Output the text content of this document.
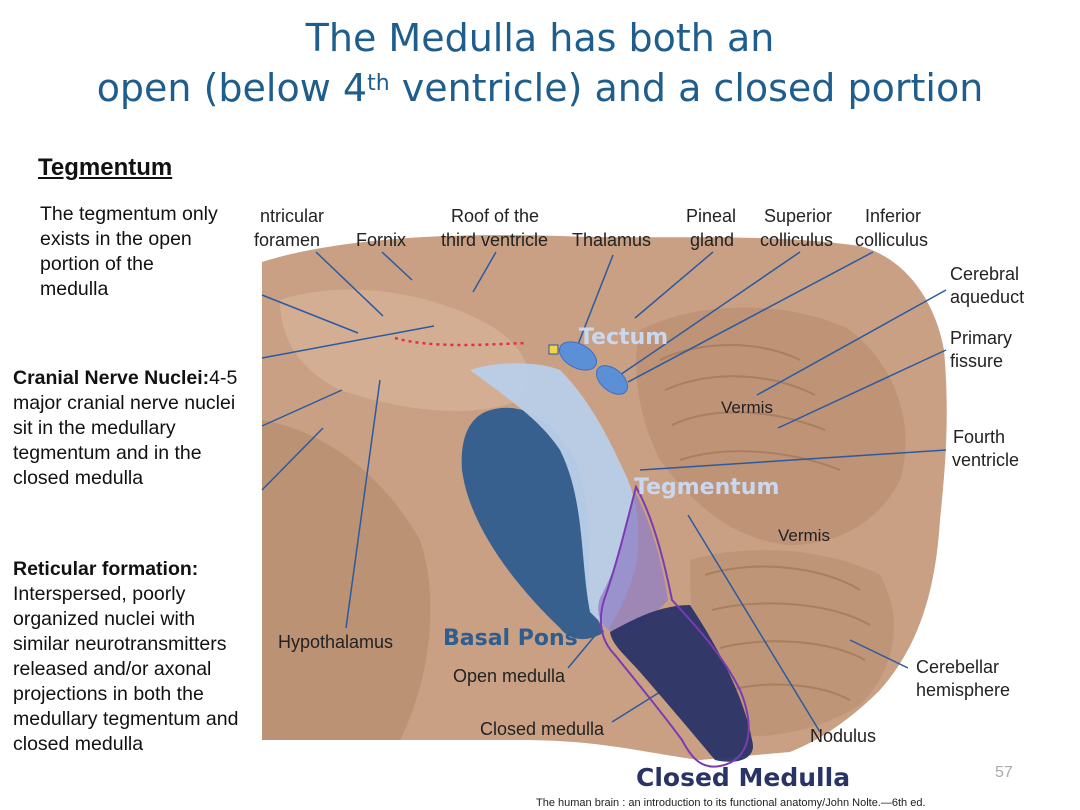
The Medulla has both an
open (below 4th ventricle) and a closed portion
Tegmentum
The tegmentum only exists in the open portion of the medulla
Cranial Nerve Nuclei:4-5 major cranial nerve nuclei sit in the medullary tegmentum and in the closed medulla
Reticular formation:
Interspersed, poorly organized nuclei with similar neurotransmitters released and/or axonal projections in both the medullary tegmentum and closed medulla
ntricular
foramen Fornix
Roof of the
third ventricle Thalamus
Pineal
gland
Superior
colliculus
Inferior
colliculus
Cerebral
aqueduct
Primary
fissure
Fourth
ventricle
Cerebellar
hemisphere
Nodulus
Vermis
Vermis
Hypothalamus
Open medulla
Closed medulla
Tectum
Tegmentum
Basal Pons
Closed Medulla	57
The human brain : an introduction to its functional anatomy/John Nolte.—6th ed.
